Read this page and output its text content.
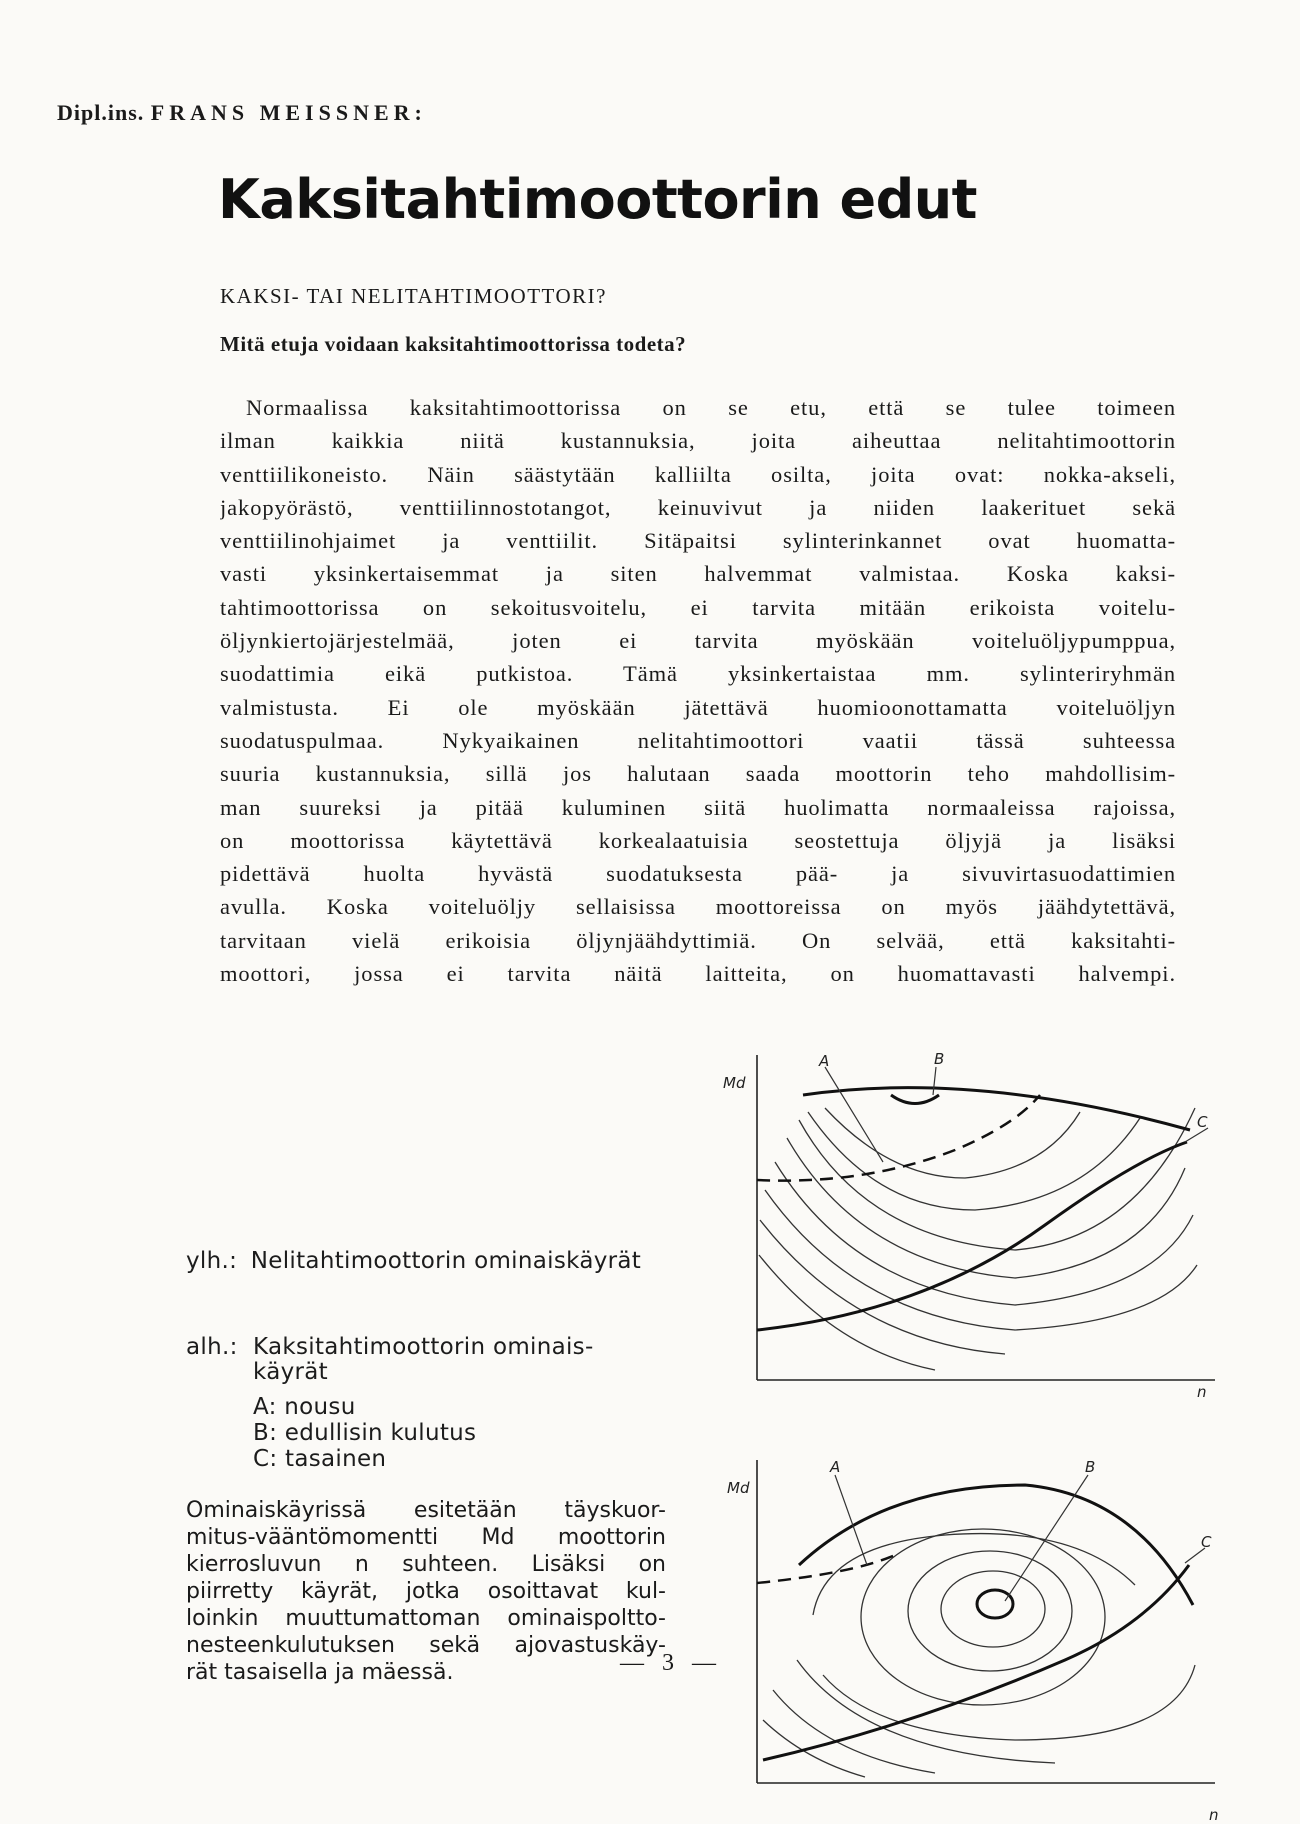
Dipl.ins. FRANS MEISSNER:
Kaksitahtimoottorin edut
KAKSI- TAI NELITAHTIMOOTTORI?
Mitä etuja voidaan kaksitahtimoottorissa todeta?
Normaalissa kaksitahtimoottorissa on se etu, että se tulee toimeen
ilman kaikkia niitä kustannuksia, joita aiheuttaa nelitahtimoottorin
venttiilikoneisto. Näin säästytään kalliilta osilta, joita ovat: nokka-akseli,
jakopyörästö, venttiilinnostotangot, keinuvivut ja niiden laakerituet sekä
venttiilinohjaimet ja venttiilit. Sitäpaitsi sylinterinkannet ovat huomatta-
vasti yksinkertaisemmat ja siten halvemmat valmistaa. Koska kaksi-
tahtimoottorissa on sekoitusvoitelu, ei tarvita mitään erikoista voitelu-
öljynkiertojärjestelmää, joten ei tarvita myöskään voiteluöljypumppua,
suodattimia eikä putkistoa. Tämä yksinkertaistaa mm. sylinteriryhmän
valmistusta. Ei ole myöskään jätettävä huomioonottamatta voiteluöljyn
suodatuspulmaa. Nykyaikainen nelitahtimoottori vaatii tässä suhteessa
suuria kustannuksia, sillä jos halutaan saada moottorin teho mahdollisim-
man suureksi ja pitää kuluminen siitä huolimatta normaaleissa rajoissa,
on moottorissa käytettävä korkealaatuisia seostettuja öljyjä ja lisäksi
pidettävä huolta hyvästä suodatuksesta pää- ja sivuvirtasuodattimien
avulla. Koska voiteluöljy sellaisissa moottoreissa on myös jäähdytettävä,
tarvitaan vielä erikoisia öljynjäähdyttimiä. On selvää, että kaksitahti-
moottori, jossa ei tarvita näitä laitteita, on huomattavasti halvempi.
ylh.: Nelitahtimoottorin ominaiskäyrät
alh.: Kaksitahtimoottorin ominais-
käyrät
A: nousu
B: edullisin kulutus
C: tasainen
Ominaiskäyrissä esitetään täyskuor-
mitus-vääntömomentti Md moottorin
kierrosluvun n suhteen. Lisäksi on
piirretty käyrät, jotka osoittavat kul-
loinkin muuttumattoman ominaispoltto-
nesteenkulutuksen sekä ajovastuskäy-
rät tasaisella ja mäessä.	— 3 —
Md
A	B
C
n
Md
A	B
C
n
